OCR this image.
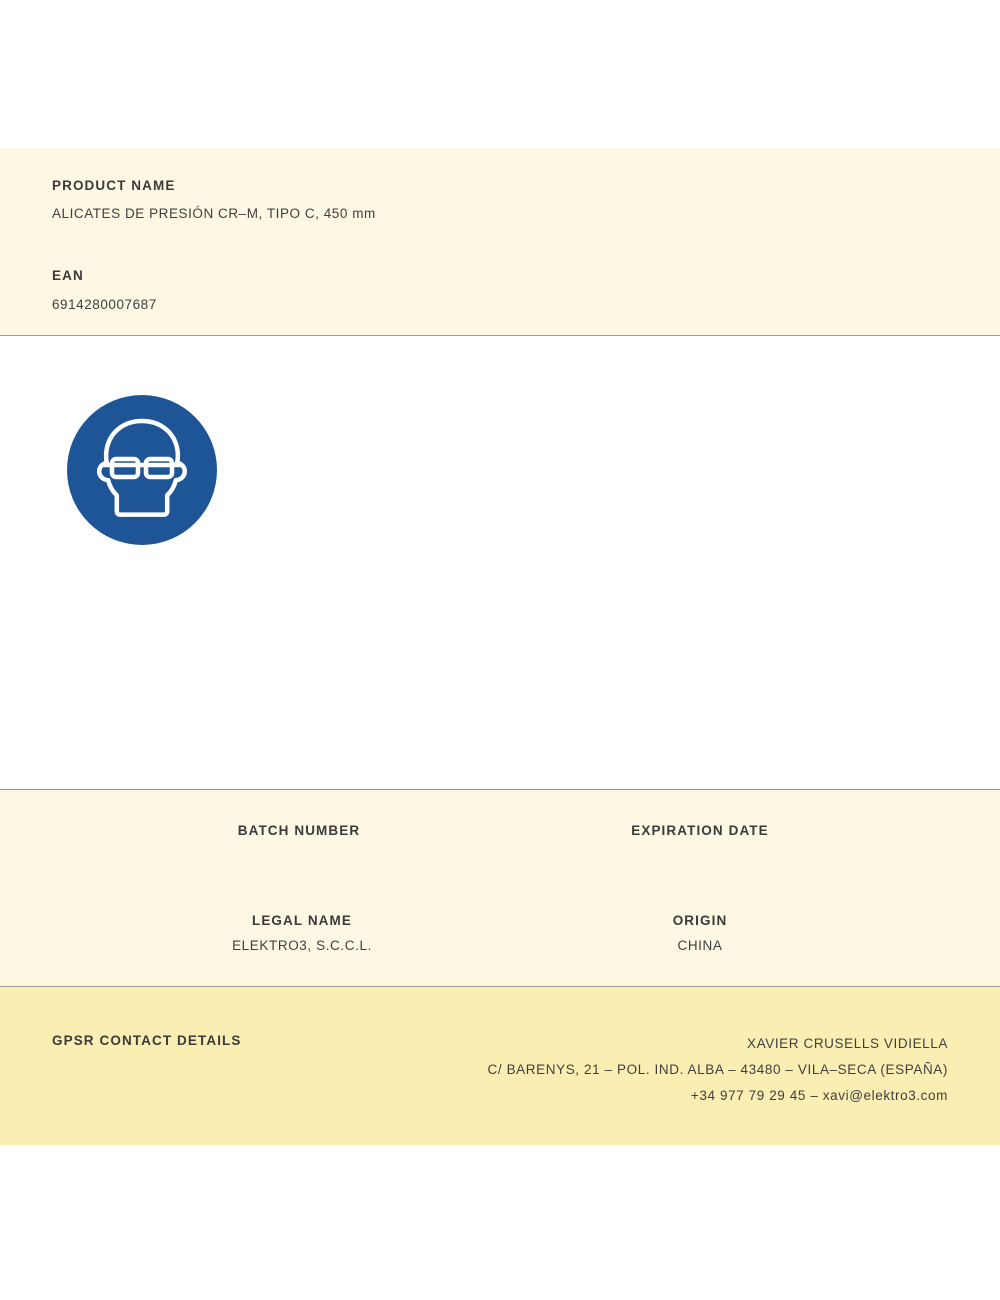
PRODUCT NAME
ALICATES DE PRESIÓN CR–M, TIPO C, 450 mm
EAN
6914280007687
BATCH NUMBER	EXPIRATION DATE
LEGAL NAME
ELEKTRO3, S.C.C.L.
ORIGIN
CHINA
GPSR CONTACT DETAILS	XAVIER CRUSELLS VIDIELLA
C/ BARENYS, 21 – POL. IND. ALBA – 43480 – VILA–SECA (ESPAÑA)
+34 977 79 29 45 – xavi@elektro3.com
